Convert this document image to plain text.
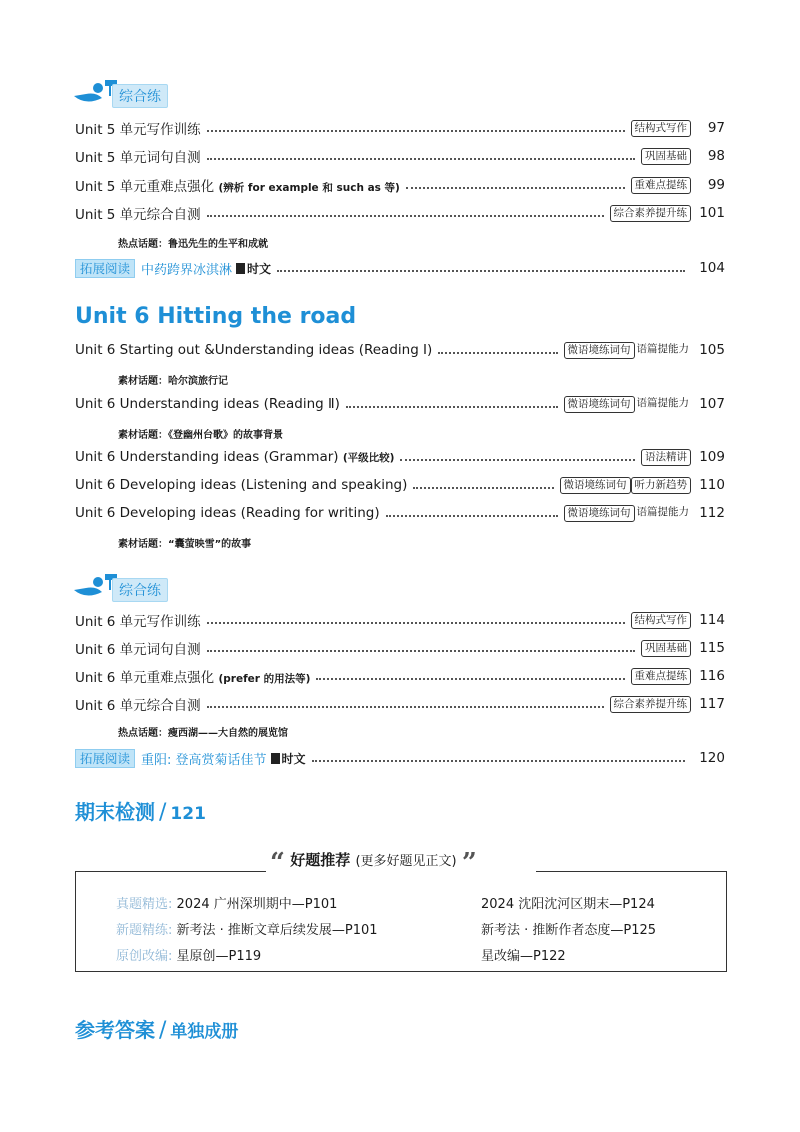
综合练
Unit 5 单元写作训练	结构式写作	97
Unit 5 单元词句自测	巩固基础	98
Unit 5 单元重难点强化 (辨析 for example 和 such as 等)	重难点提练	99
Unit 5 单元综合自测	综合素养提升练 101
热点话题：鲁迅先生的生平和成就
拓展阅读 中药跨界冰淇淋	时文	104
Unit 6 Hitting the road
Unit 6 Starting out &Understanding ideas (Reading Ⅰ)	微语境练词句 语篇提能力 105
素材话题：哈尔滨旅行记
Unit 6 Understanding ideas (Reading Ⅱ)	微语境练词句 语篇提能力 107
素材话题：《登幽州台歌》的故事背景
Unit 6 Understanding ideas (Grammar) (平级比较)	语法精讲 109
Unit 6 Developing ideas (Listening and speaking)	微语境练词句 听力新趋势 110
Unit 6 Developing ideas (Reading for writing)	微语境练词句 语篇提能力 112
素材话题：“囊萤映雪”的故事
综合练
Unit 6 单元写作训练	结构式写作 114
Unit 6 单元词句自测	巩固基础 115
Unit 6 单元重难点强化 (prefer 的用法等)	重难点提练 116
Unit 6 单元综合自测	综合素养提升练 117
热点话题：瘦西湖——大自然的展览馆
拓展阅读 重阳: 登高赏菊话佳节	时文	120
期末检测 / 121
“ 好题推荐 (更多好题见正文) ”
真题精选: 2024 广州深圳期中—P101	2024 沈阳沈河区期末—P124
新题精练: 新考法 · 推断文章后续发展—P101	新考法 · 推断作者态度—P125
原创改编: 星原创—P119	星改编—P122
参考答案 / 单独成册
